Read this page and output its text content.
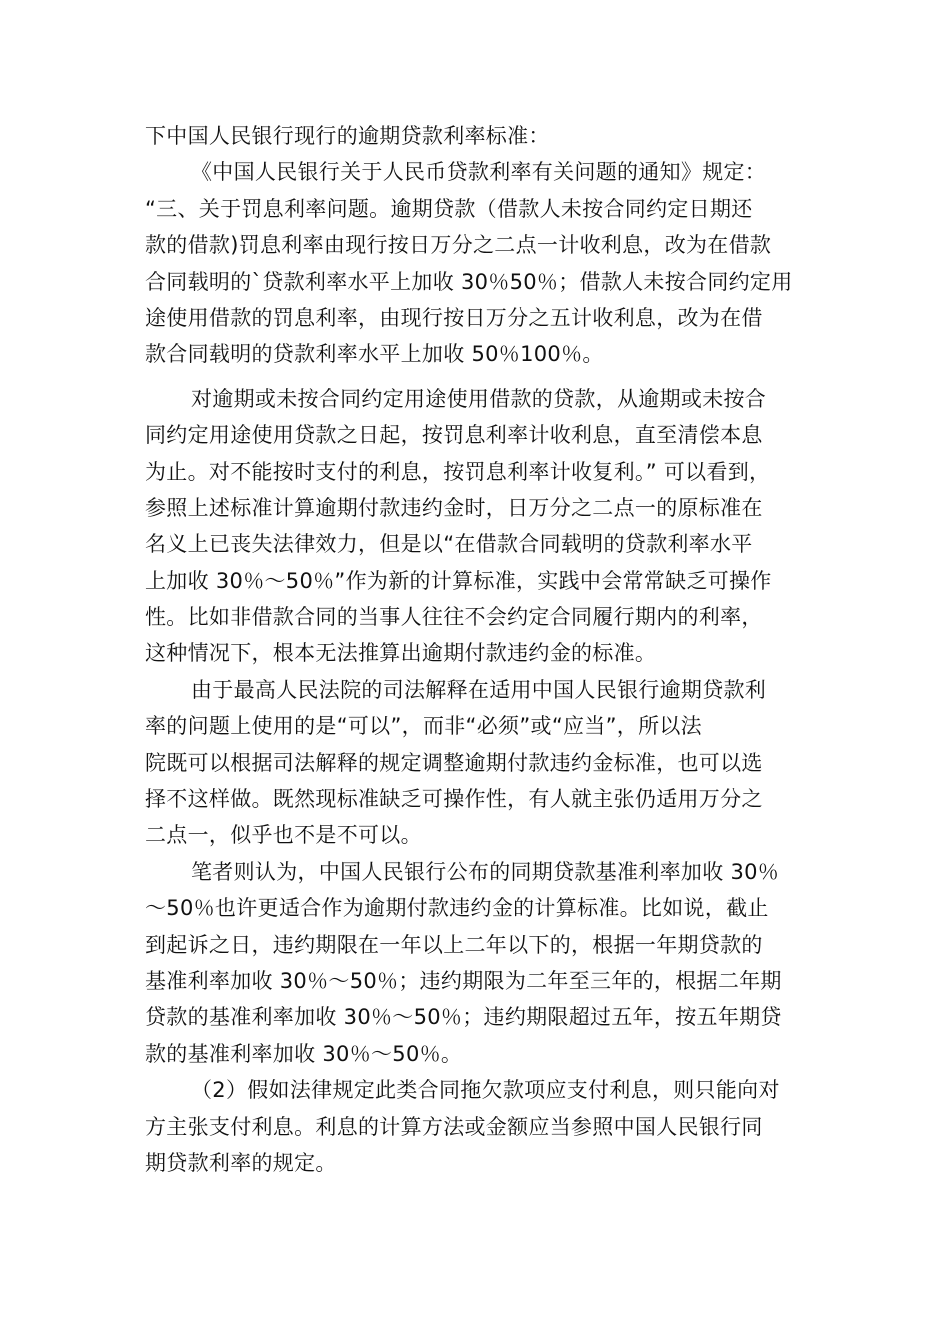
下中国人民银行现行的逾期贷款利率标准：
《中国人民银行关于人民币贷款利率有关问题的通知》规定：
“三、关于罚息利率问题。逾期贷款（借款人未按合同约定日期还
款的借款)罚息利率由现行按日万分之二点一计收利息，改为在借款
合同载明的`贷款利率水平上加收 30％50％；借款人未按合同约定用
途使用借款的罚息利率，由现行按日万分之五计收利息，改为在借
款合同载明的贷款利率水平上加收 50％100％。
对逾期或未按合同约定用途使用借款的贷款，从逾期或未按合
同约定用途使用贷款之日起，按罚息利率计收利息，直至清偿本息
为止。对不能按时支付的利息，按罚息利率计收复利。” 可以看到，
参照上述标准计算逾期付款违约金时，日万分之二点一的原标准在
名义上已丧失法律效力，但是以“在借款合同载明的贷款利率水平
上加收 30％～50％”作为新的计算标准，实践中会常常缺乏可操作
性。比如非借款合同的当事人往往不会约定合同履行期内的利率，
这种情况下，根本无法推算出逾期付款违约金的标准。
由于最高人民法院的司法解释在适用中国人民银行逾期贷款利
率的问题上使用的是“可以”，而非“必须”或“应当”，所以法
院既可以根据司法解释的规定调整逾期付款违约金标准，也可以选
择不这样做。既然现标准缺乏可操作性，有人就主张仍适用万分之
二点一，似乎也不是不可以。
笔者则认为，中国人民银行公布的同期贷款基准利率加收 30％
～50％也许更适合作为逾期付款违约金的计算标准。比如说，截止
到起诉之日，违约期限在一年以上二年以下的，根据一年期贷款的
基准利率加收 30％～50％；违约期限为二年至三年的，根据二年期
贷款的基准利率加收 30％～50％；违约期限超过五年，按五年期贷
款的基准利率加收 30％～50％。
（2）假如法律规定此类合同拖欠款项应支付利息，则只能向对
方主张支付利息。利息的计算方法或金额应当参照中国人民银行同
期贷款利率的规定。
